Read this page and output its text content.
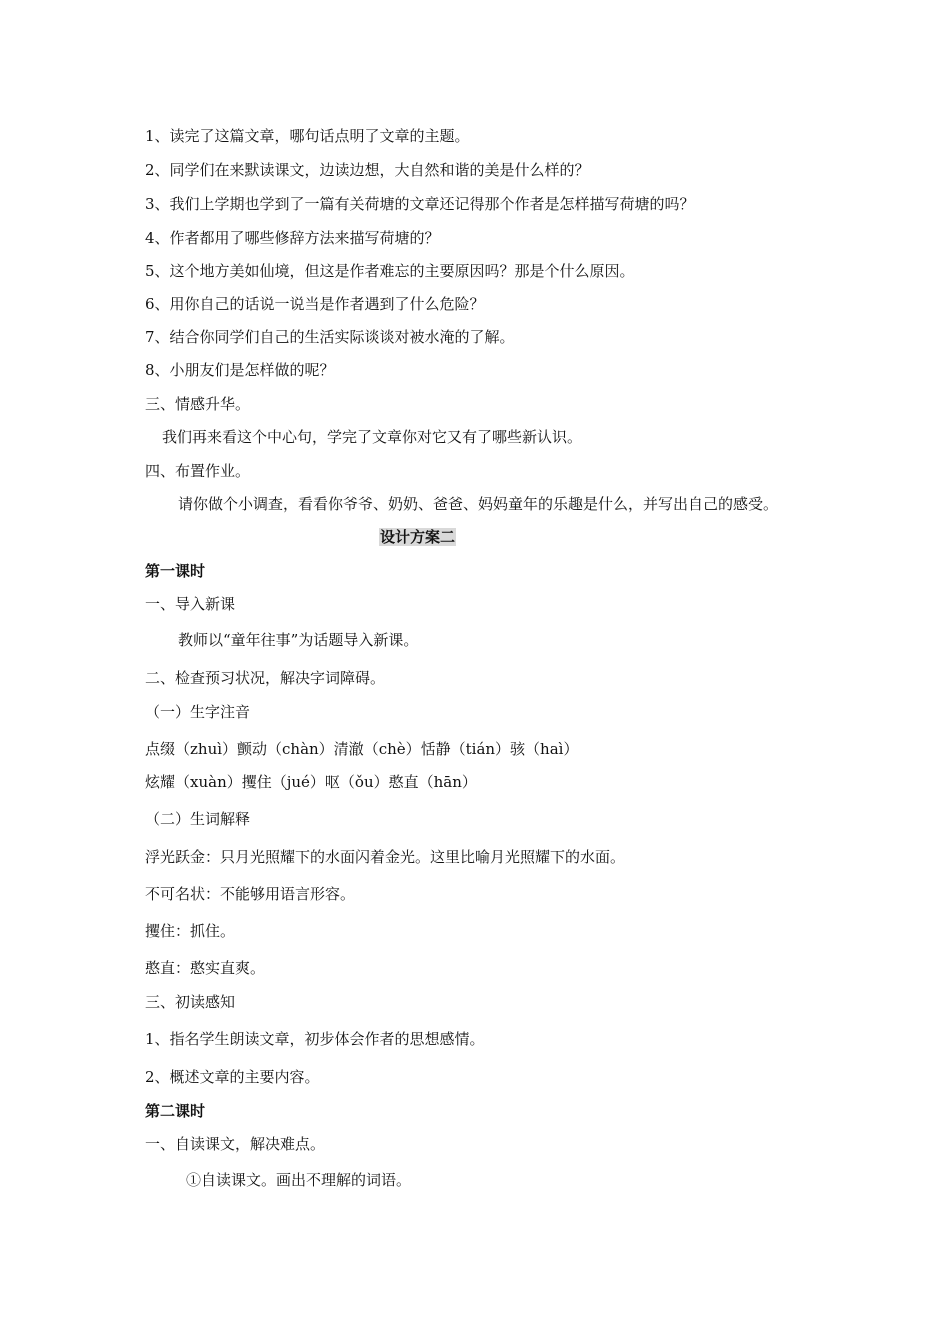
1、读完了这篇文章，哪句话点明了文章的主题。
2、同学们在来默读课文，边读边想，大自然和谐的美是什么样的？
3、我们上学期也学到了一篇有关荷塘的文章还记得那个作者是怎样描写荷塘的吗？
4、作者都用了哪些修辞方法来描写荷塘的？
5、这个地方美如仙境，但这是作者难忘的主要原因吗？那是个什么原因。
6、用你自己的话说一说当是作者遇到了什么危险？
7、结合你同学们自己的生活实际谈谈对被水淹的了解。
8、小朋友们是怎样做的呢？
三、情感升华。
我们再来看这个中心句，学完了文章你对它又有了哪些新认识。
四、布置作业。
请你做个小调查，看看你爷爷、奶奶、爸爸、妈妈童年的乐趣是什么，并写出自己的感受。
设计方案二
第一课时
一、导入新课
教师以“童年往事”为话题导入新课。
二、检查预习状况，解决字词障碍。
（一）生字注音
点缀（zhuì）颤动（chàn）清澈（chè）恬静（tián）骇（haì）
炫耀（xuàn）攫住（jué）呕（ǒu）憨直（hān）
（二）生词解释
浮光跃金：只月光照耀下的水面闪着金光。这里比喻月光照耀下的水面。
不可名状：不能够用语言形容。
攫住：抓住。
憨直：憨实直爽。
三、初读感知
1、指名学生朗读文章，初步体会作者的思想感情。
2、概述文章的主要内容。
第二课时
一、自读课文，解决难点。
①自读课文。画出不理解的词语。
